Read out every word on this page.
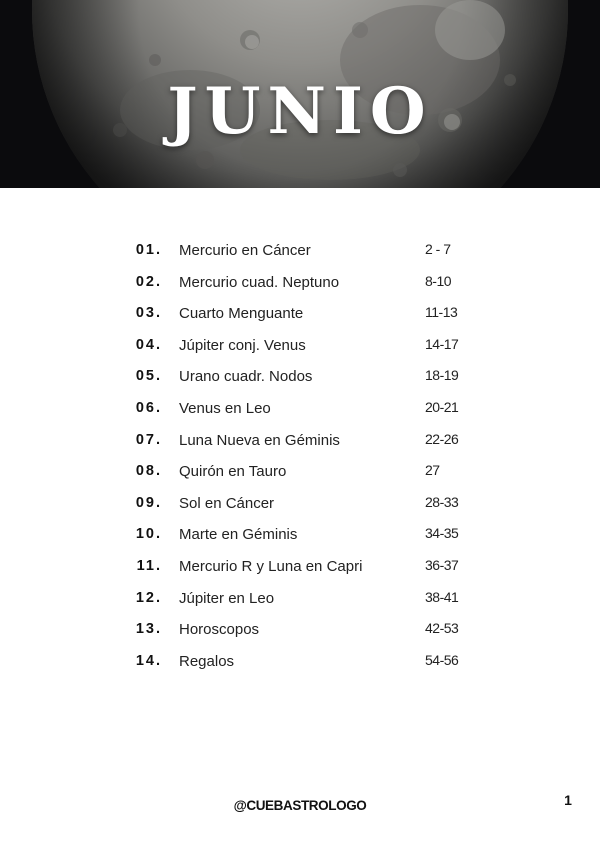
JUNIO
01. Mercurio en Cáncer	2 - 7
02. Mercurio cuad. Neptuno	8-10
03. Cuarto Menguante	11-13
04. Júpiter conj. Venus	14-17
05. Urano cuadr. Nodos	18-19
06. Venus en Leo	20-21
07. Luna Nueva en Géminis	22-26
08. Quirón en Tauro	27
09. Sol en Cáncer	28-33
10. Marte en Géminis	34-35
11. Mercurio R y Luna en Capri	36-37
12. Júpiter en Leo	38-41
13. Horoscopos	42-53
14. Regalos	54-56
@CUEBASTROLOGO	1
